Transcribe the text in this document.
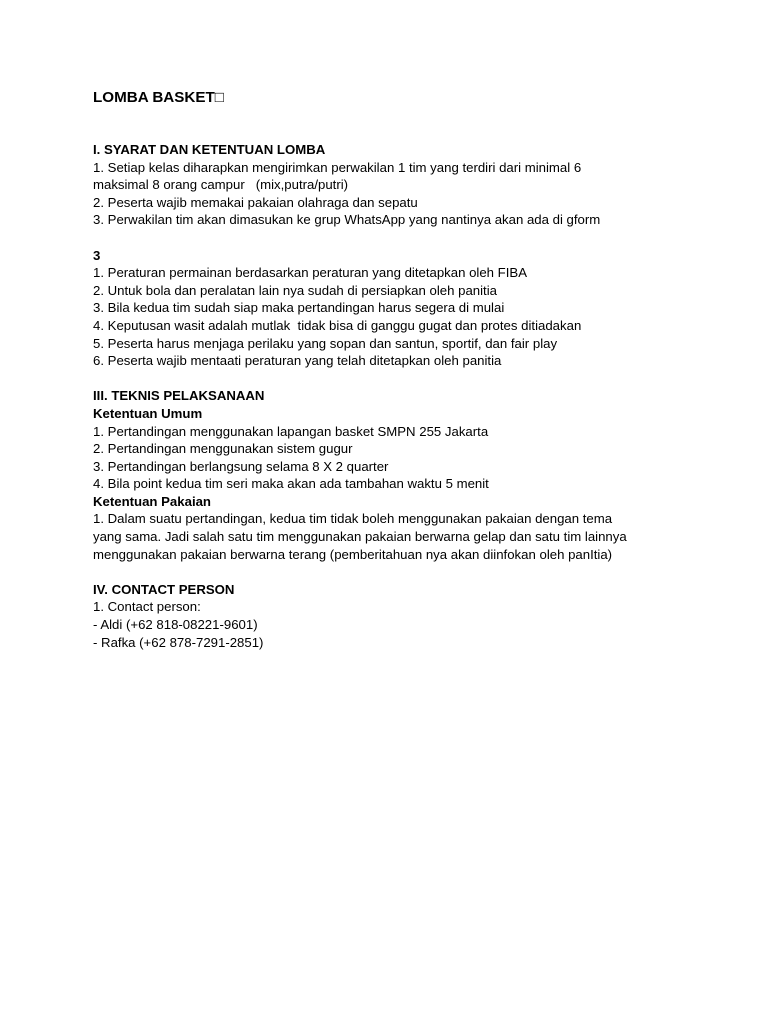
LOMBA BASKET□

I. SYARAT DAN KETENTUAN LOMBA

1. Setiap kelas diharapkan mengirimkan perwakilan 1 tim yang terdiri dari minimal 6

maksimal 8 orang campur   (mix,putra/putri)

2. Peserta wajib memakai pakaian olahraga dan sepatu

3. Perwakilan tim akan dimasukan ke grup WhatsApp yang nantinya akan ada di gform

3

1. Peraturan permainan berdasarkan peraturan yang ditetapkan oleh FIBA

2. Untuk bola dan peralatan lain nya sudah di persiapkan oleh panitia

3. Bila kedua tim sudah siap maka pertandingan harus segera di mulai

4. Keputusan wasit adalah mutlak  tidak bisa di ganggu gugat dan protes ditiadakan

5. Peserta harus menjaga perilaku yang sopan dan santun, sportif, dan fair play

6. Peserta wajib mentaati peraturan yang telah ditetapkan oleh panitia

III. TEKNIS PELAKSANAAN

Ketentuan Umum

1. Pertandingan menggunakan lapangan basket SMPN 255 Jakarta

2. Pertandingan menggunakan sistem gugur

3. Pertandingan berlangsung selama 8 X 2 quarter

4. Bila point kedua tim seri maka akan ada tambahan waktu 5 menit

Ketentuan Pakaian

1. Dalam suatu pertandingan, kedua tim tidak boleh menggunakan pakaian dengan tema

yang sama. Jadi salah satu tim menggunakan pakaian berwarna gelap dan satu tim lainnya

menggunakan pakaian berwarna terang (pemberitahuan nya akan diinfokan oleh panItia)

IV. CONTACT PERSON

1. Contact person:

- Aldi (+62 818-08221-9601)

- Rafka (+62 878-7291-2851)
